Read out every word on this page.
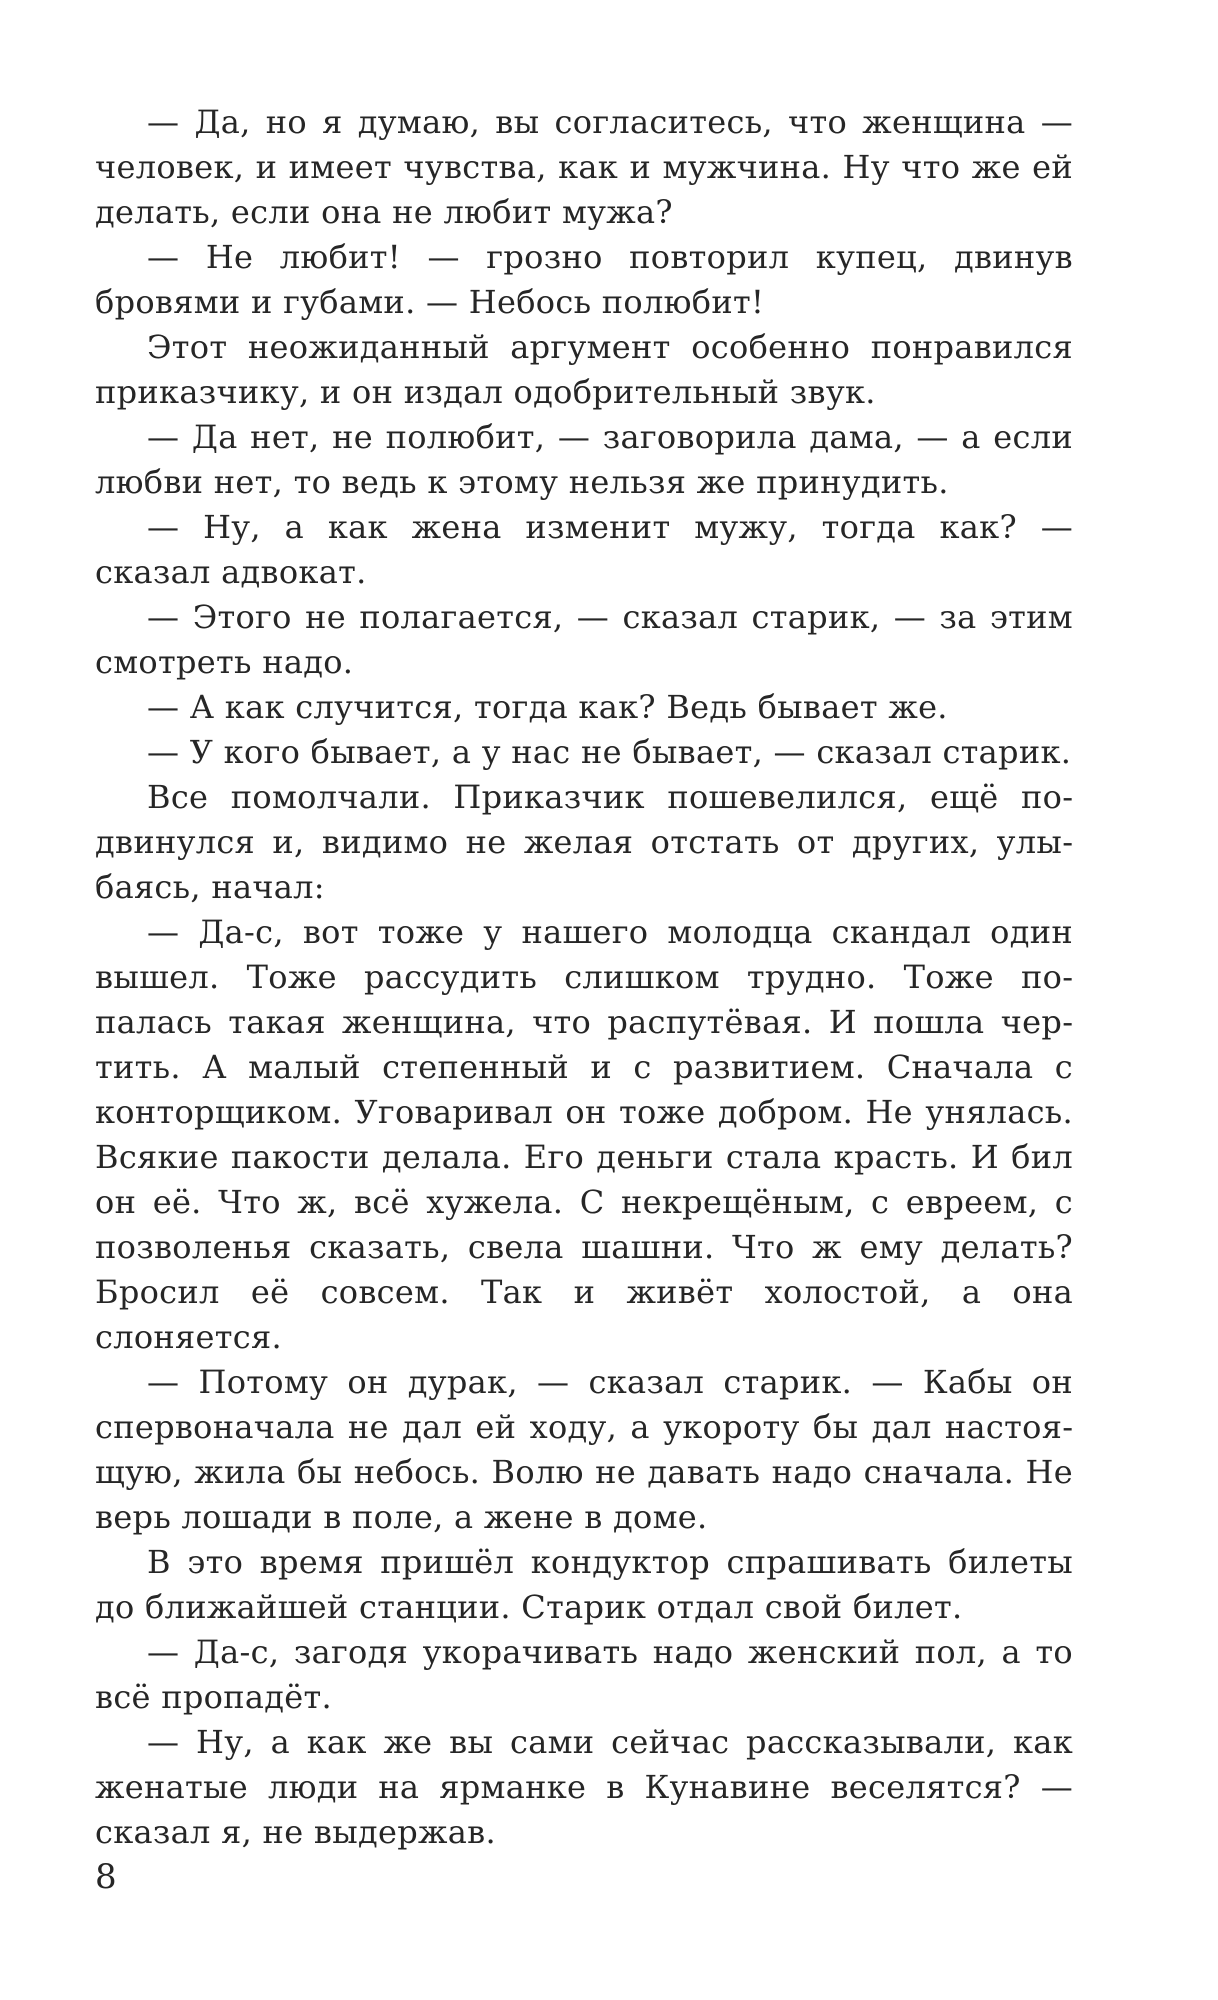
— Да, но я думаю, вы согласитесь, что женщина — человек, и имеет чувства, как и мужчина. Ну что же ей делать, если она не любит мужа?

— Не любит! — грозно повторил купец, двинув бровями и губами. — Небось полюбит!

Этот неожиданный аргумент особенно понравился приказчику, и он издал одобрительный звук.

— Да нет, не полюбит, — заговорила дама, — а если любви нет, то ведь к этому нельзя же принудить.

— Ну, а как жена изменит мужу, тогда как? — сказал адвокат.

— Этого не полагается, — сказал старик, — за этим смотреть надо.

— А как случится, тогда как? Ведь бывает же.

— У кого бывает, а у нас не бывает, — сказал старик.

Все помолчали. Приказчик пошевелился, ещё подвинулся и, видимо не желая отстать от других, улыбаясь, начал:

— Да-с, вот тоже у нашего молодца скандал один вышел. Тоже рассудить слишком трудно. Тоже попалась такая женщина, что распутёвая. И пошла чертить. А малый степенный и с развитием. Сначала с конторщиком. Уговаривал он тоже добром. Не унялась. Всякие пакости делала. Его деньги стала красть. И бил он её. Что ж, всё хужела. С некрещёным, с евреем, с позволенья сказать, свела шашни. Что ж ему делать? Бросил её совсем. Так и живёт холостой, а она слоняется.

— Потому он дурак, — сказал старик. — Кабы он спервоначала не дал ей ходу, а укороту бы дал настоящую, жила бы небось. Волю не давать надо сначала. Не верь лошади в поле, а жене в доме.

В это время пришёл кондуктор спрашивать билеты до ближайшей станции. Старик отдал свой билет.

— Да-с, загодя укорачивать надо женский пол, а то всё пропадёт.

— Ну, а как же вы сами сейчас рассказывали, как женатые люди на ярманке в Кунавине веселятся? — сказал я, не выдержав.

8
